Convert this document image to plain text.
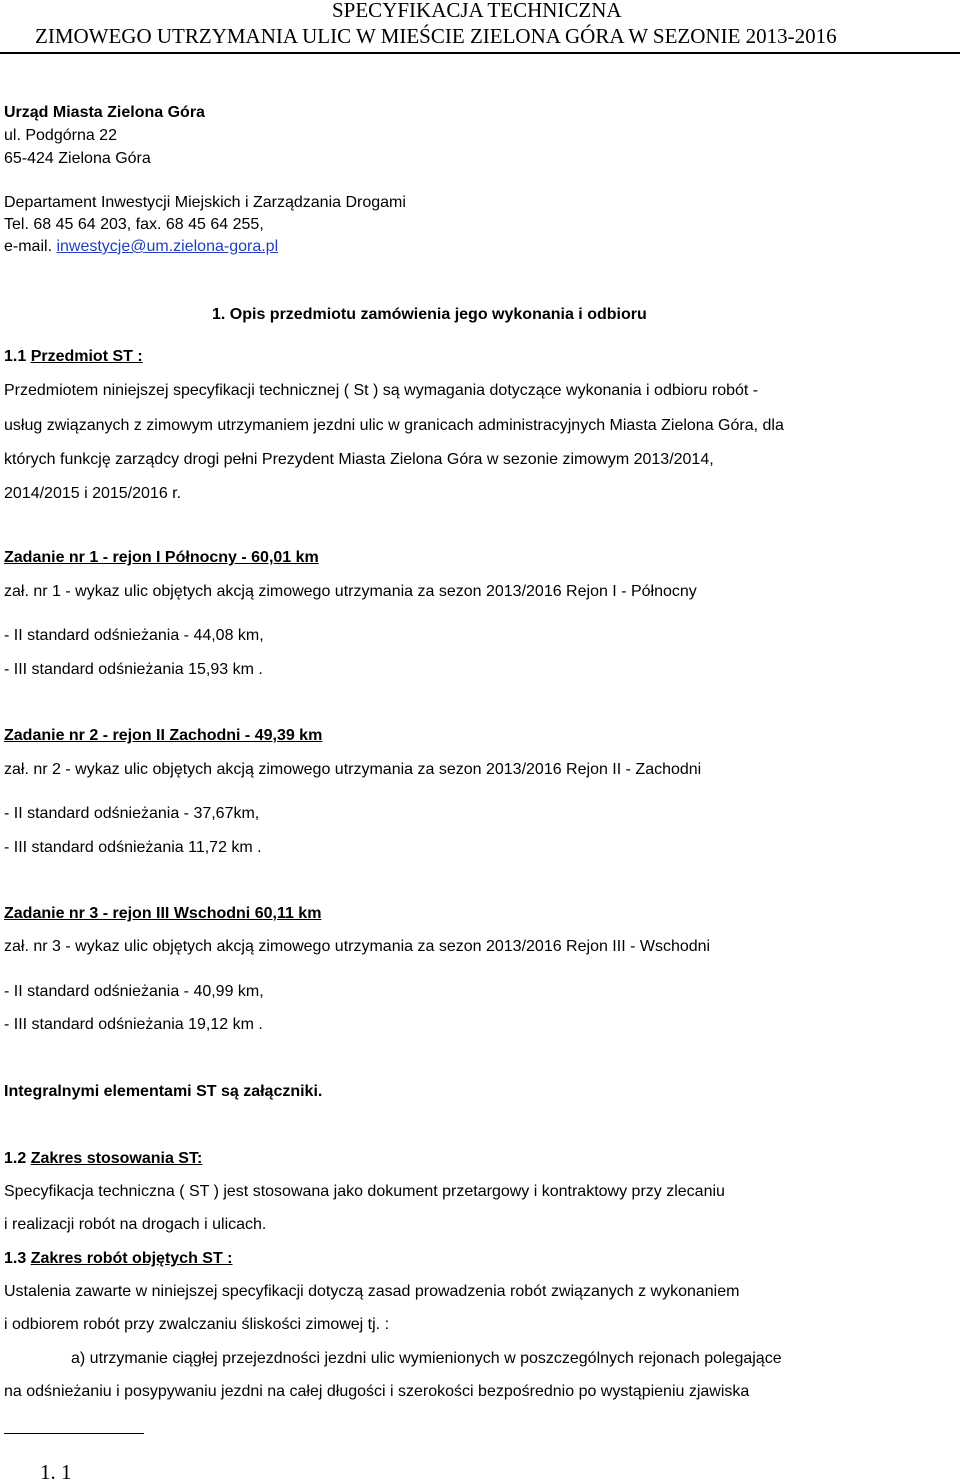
SPECYFIKACJA TECHNICZNA
ZIMOWEGO UTRZYMANIA ULIC W MIEŚCIE ZIELONA GÓRA W SEZONIE 2013-2016
Urząd Miasta Zielona Góra
ul. Podgórna 22
65-424 Zielona Góra
Departament Inwestycji Miejskich i Zarządzania Drogami
Tel. 68 45 64 203, fax. 68 45 64 255,
e-mail. inwestycje@um.zielona-gora.pl
1. Opis przedmiotu zamówienia jego wykonania i odbioru
1.1 Przedmiot ST :
Przedmiotem niniejszej specyfikacji technicznej ( St ) są wymagania dotyczące wykonania i odbioru robót -
usług związanych z zimowym utrzymaniem jezdni ulic w granicach administracyjnych Miasta Zielona Góra, dla
których funkcję zarządcy drogi pełni Prezydent Miasta Zielona Góra w sezonie zimowym 2013/2014,
2014/2015 i 2015/2016 r.
Zadanie nr 1 - rejon I Północny - 60,01 km
zał. nr 1 - wykaz ulic objętych akcją zimowego utrzymania za sezon 2013/2016 Rejon I - Północny
- II standard odśnieżania - 44,08 km,
- III standard odśnieżania 15,93 km .
Zadanie nr 2 - rejon II Zachodni - 49,39 km
zał. nr 2 - wykaz ulic objętych akcją zimowego utrzymania za sezon 2013/2016 Rejon II - Zachodni
- II standard odśnieżania - 37,67km,
- III standard odśnieżania 11,72 km .
Zadanie nr 3 - rejon III Wschodni 60,11 km
zał. nr 3 - wykaz ulic objętych akcją zimowego utrzymania za sezon 2013/2016 Rejon III - Wschodni
- II standard odśnieżania - 40,99 km,
- III standard odśnieżania 19,12 km .
Integralnymi elementami ST są załączniki.
1.2 Zakres stosowania ST:
Specyfikacja techniczna ( ST ) jest stosowana jako dokument przetargowy i kontraktowy przy zlecaniu
i realizacji robót na drogach i ulicach.
1.3 Zakres robót objętych ST :
Ustalenia zawarte w niniejszej specyfikacji dotyczą zasad prowadzenia robót związanych z wykonaniem
i odbiorem robót przy zwalczaniu śliskości zimowej tj. :
a) utrzymanie ciągłej przejezdności jezdni ulic wymienionych w poszczególnych rejonach polegające
na odśnieżaniu i posypywaniu jezdni na całej długości i szerokości bezpośrednio po wystąpieniu zjawiska
1. 1
